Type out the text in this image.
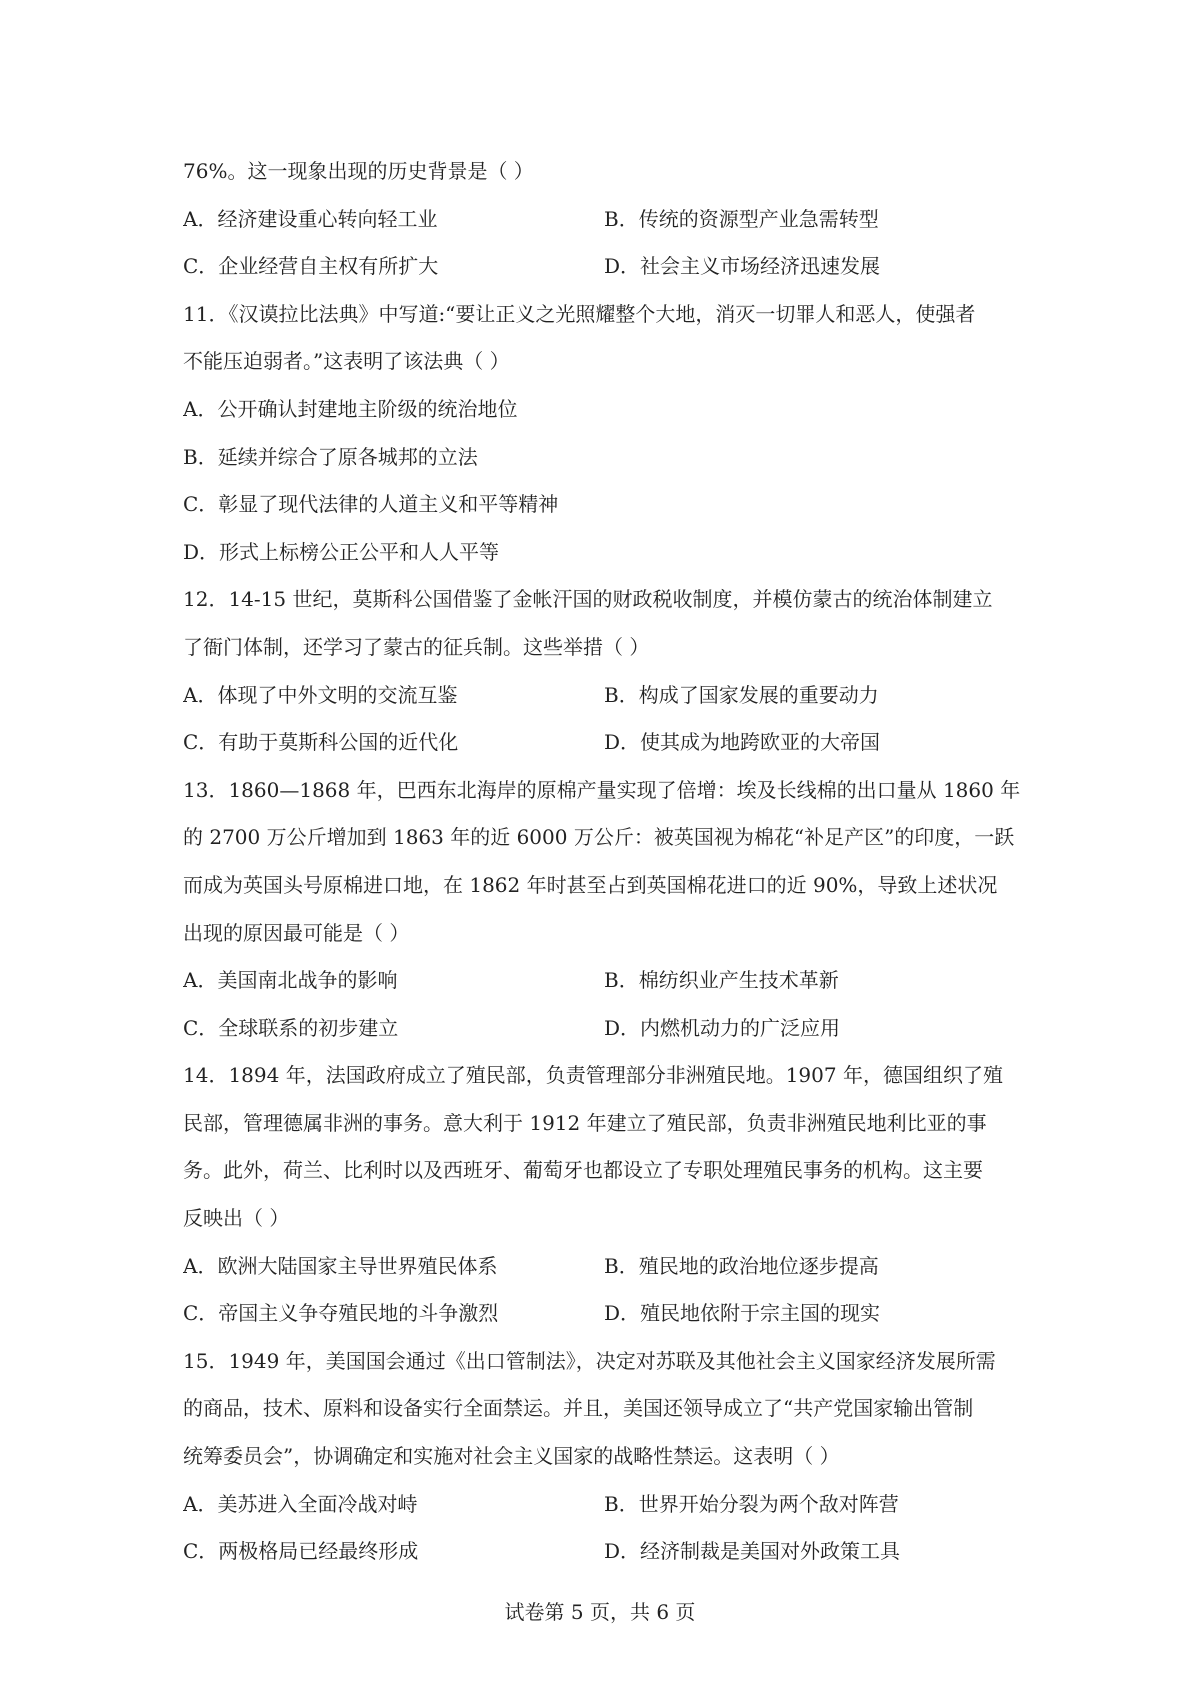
76%。这一现象出现的历史背景是（ ）
A．经济建设重心转向轻工业	B．传统的资源型产业急需转型
C．企业经营自主权有所扩大	D．社会主义市场经济迅速发展
11．《汉谟拉比法典》中写道:“要让正义之光照耀整个大地，消灭一切罪人和恶人，使强者
不能压迫弱者。”这表明了该法典（ ）
A．公开确认封建地主阶级的统治地位
B．延续并综合了原各城邦的立法
C．彰显了现代法律的人道主义和平等精神
D．形式上标榜公正公平和人人平等
12．14-15 世纪，莫斯科公国借鉴了金帐汗国的财政税收制度，并模仿蒙古的统治体制建立
了衙门体制，还学习了蒙古的征兵制。这些举措（ ）
A．体现了中外文明的交流互鉴	B．构成了国家发展的重要动力
C．有助于莫斯科公国的近代化	D．使其成为地跨欧亚的大帝国
13．1860—1868 年，巴西东北海岸的原棉产量实现了倍增：埃及长线棉的出口量从 1860 年
的 2700 万公斤增加到 1863 年的近 6000 万公斤：被英国视为棉花“补足产区”的印度，一跃
而成为英国头号原棉进口地，在 1862 年时甚至占到英国棉花进口的近 90%，导致上述状况
出现的原因最可能是（ ）
A．美国南北战争的影响	B．棉纺织业产生技术革新
C．全球联系的初步建立	D．内燃机动力的广泛应用
14．1894 年，法国政府成立了殖民部，负责管理部分非洲殖民地。1907 年，德国组织了殖
民部，管理德属非洲的事务。意大利于 1912 年建立了殖民部，负责非洲殖民地利比亚的事
务。此外，荷兰、比利时以及西班牙、葡萄牙也都设立了专职处理殖民事务的机构。这主要
反映出（ ）
A．欧洲大陆国家主导世界殖民体系	B．殖民地的政治地位逐步提高
C．帝国主义争夺殖民地的斗争激烈	D．殖民地依附于宗主国的现实
15．1949 年，美国国会通过《出口管制法》，决定对苏联及其他社会主义国家经济发展所需
的商品，技术、原料和设备实行全面禁运。并且，美国还领导成立了“共产党国家输出管制
统筹委员会”，协调确定和实施对社会主义国家的战略性禁运。这表明（ ）
A．美苏进入全面冷战对峙	B．世界开始分裂为两个敌对阵营
C．两极格局已经最终形成	D．经济制裁是美国对外政策工具
试卷第 5 页，共 6 页
